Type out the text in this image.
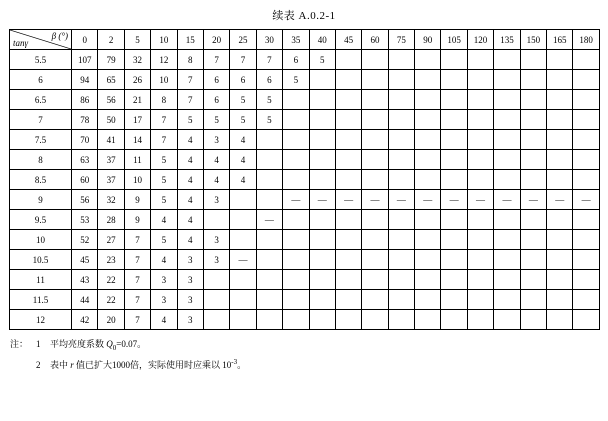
续表 A.0.2-1
β (°)
tanγ	0	2	5	10	15	20	25	30	35	40	45	60	75	90	105	120	135	150	165	180
5.5	107	79	32	12	8	7	7	7	6	5										
6	94	65	26	10	7	6	6	6	5											
6.5	86	56	21	8	7	6	5	5												
7	78	50	17	7	5	5	5	5												
7.5	70	41	14	7	4	3	4													
8	63	37	11	5	4	4	4													
8.5	60	37	10	5	4	4	4													
9	56	32	9	5	4	3			—	—	—	—	—	—	—	—	—	—	—	—
9.5	53	28	9	4	4			—												
10	52	27	7	5	4	3														
10.5	45	23	7	4	3	3	—													
11	43	22	7	3	3															
11.5	44	22	7	3	3															
12	42	20	7	4	3															
注： 1 平均亮度系数 $Q_0=0.07$。
2 表中 r 值已扩大1000倍，实际使用时应乘以 $10^{-3}$。
